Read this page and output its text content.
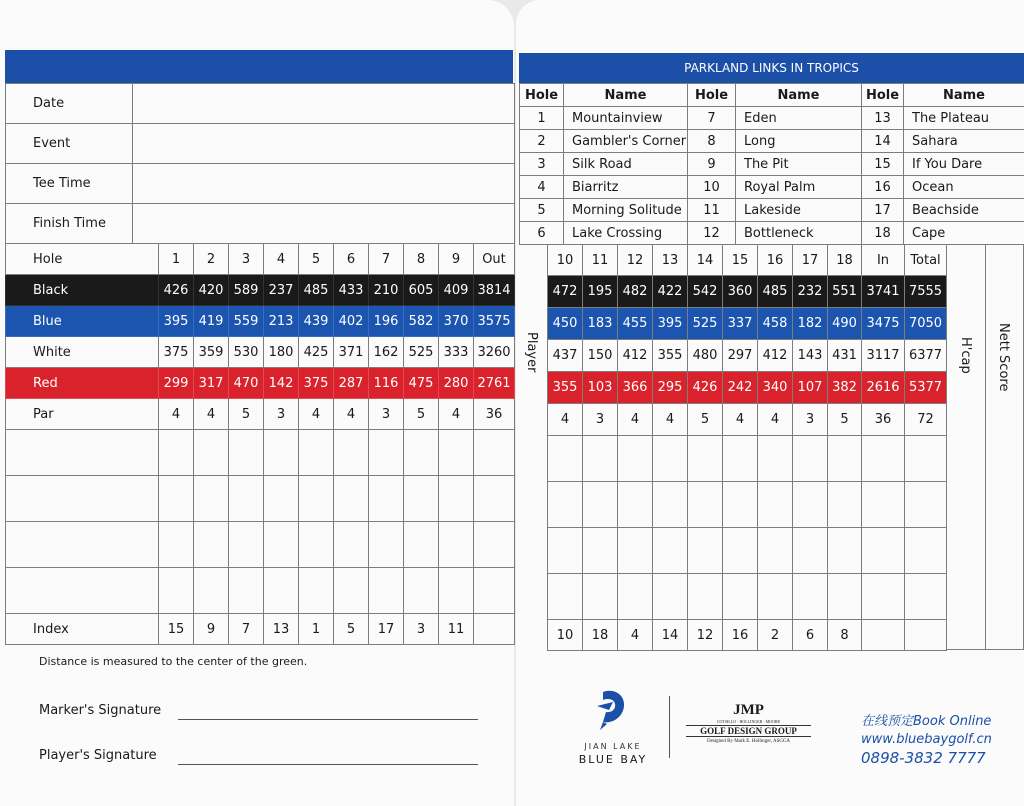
Date	
Event	
Tee Time	
Finish Time	
Hole	1	2	3	4	5	6	7	8	9	Out
Black	426	420	589	237	485	433	210	605	409	3814
Blue	395	419	559	213	439	402	196	582	370	3575
White	375	359	530	180	425	371	162	525	333	3260
Red	299	317	470	142	375	287	116	475	280	2761
Par	4	4	5	3	4	4	3	5	4	36

Index	15	9	7	13	1	5	17	3	11	
Distance is measured to the center of the green.
Marker's Signature
Player's Signature
PARKLAND LINKS IN TROPICS
Hole	Name	Hole	Name	Hole	Name
1	Mountainview	7	Eden	13	The Plateau
2	Gambler's Corner	8	Long	14	Sahara
3	Silk Road	9	The Pit	15	If You Dare
4	Biarritz	10	Royal Palm	16	Ocean
5	Morning Solitude	11	Lakeside	17	Beachside
6	Lake Crossing	12	Bottleneck	18	Cape
Player
10	11	12	13	14	15	16	17	18	In	Total
472	195	482	422	542	360	485	232	551	3741	7555
450	183	455	395	525	337	458	182	490	3475	7050
437	150	412	355	480	297	412	143	431	3117	6377
355	103	366	295	426	242	340	107	382	2616	5377
4	3	4	4	5	4	4	3	5	36	72

10	18	4	14	12	16	2	6	8		
H'cap Nett Score
JIAN LAKE
BLUE BAY
JMP
COTSILLO · HOLLINGER · MOORE
GOLF DESIGN GROUP
Designed By Mark E. Hollinger, ASGCA
在线预定Book Online
www.bluebaygolf.cn
0898-3832 7777
